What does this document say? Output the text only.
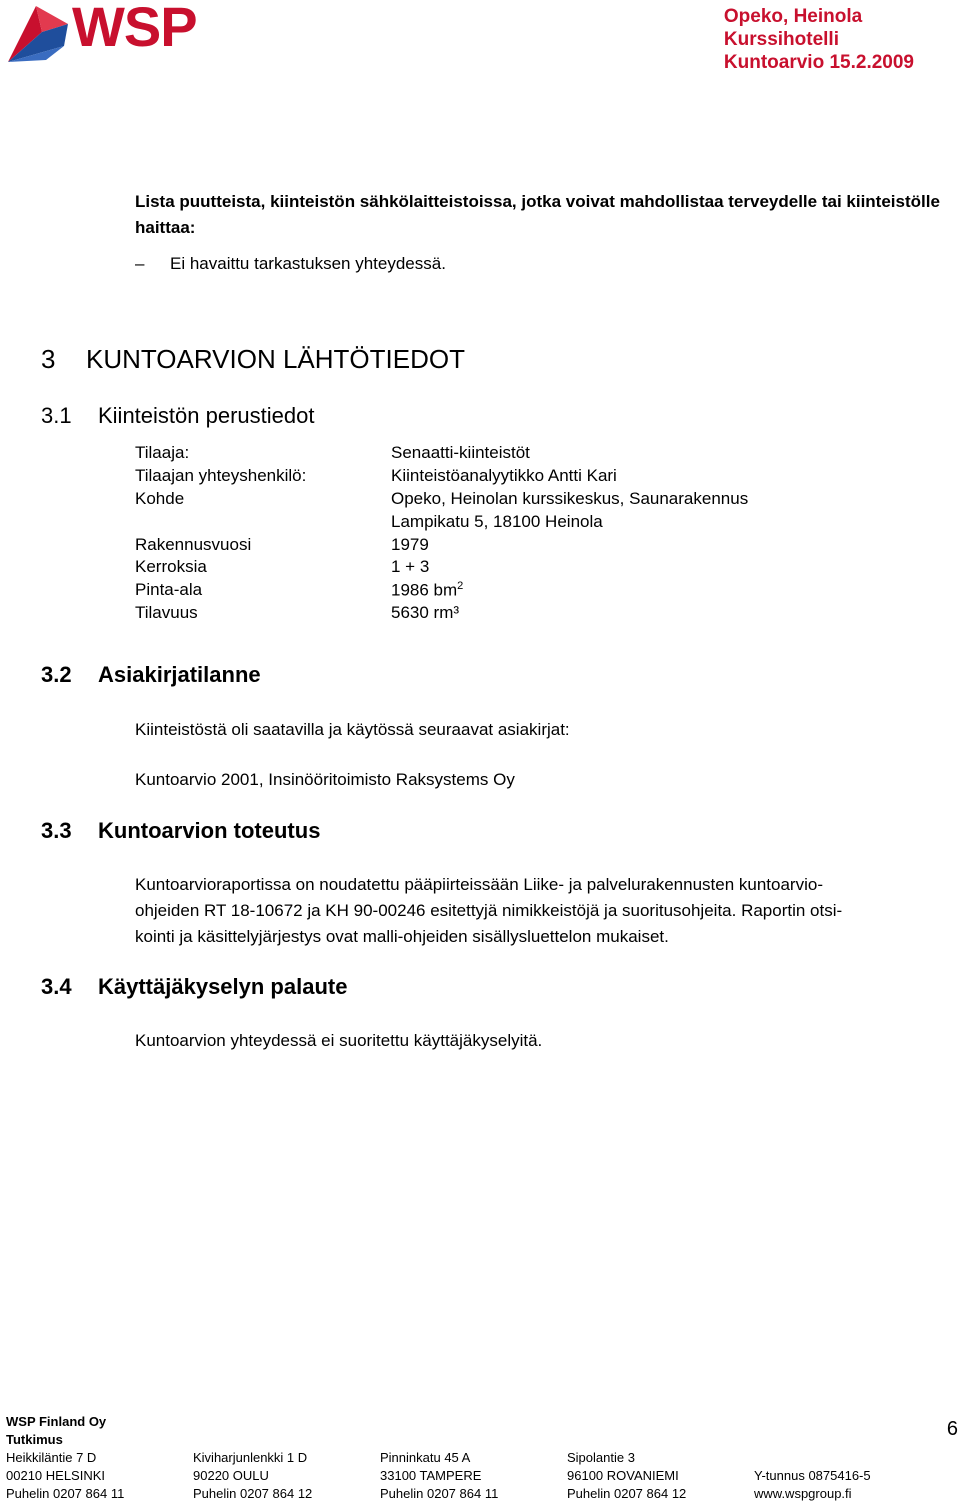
WSP	Opeko, Heinola
Kurssihotelli
Kuntoarvio 15.2.2009
Lista puutteista, kiinteistön sähkölaitteistoissa, jotka voivat mahdollistaa terveydelle tai kiinteistölle haittaa:
– Ei havaittu tarkastuksen yhteydessä.
3 KUNTOARVION LÄHTÖTIEDOT
3.1 Kiinteistön perustiedot
Tilaaja:	Senaatti-kiinteistöt
Tilaajan yhteyshenkilö:	Kiinteistöanalyytikko Antti Kari
Kohde	Opeko, Heinolan kurssikeskus, Saunarakennus
Lampikatu 5, 18100 Heinola
Rakennusvuosi	1979
Kerroksia	1 + 3
Pinta-ala	1986 $bm^2$
Tilavuus	5630 rm³
3.2 Asiakirjatilanne
Kiinteistöstä oli saatavilla ja käytössä seuraavat asiakirjat:
Kuntoarvio 2001, Insinööritoimisto Raksystems Oy
3.3 Kuntoarvion toteutus
Kuntoarvioraportissa on noudatettu pääpiirteissään Liike- ja palvelurakennusten kuntoarvio-
ohjeiden RT 18-10672 ja KH 90-00246 esitettyjä nimikkeistöjä ja suoritusohjeita. Raportin otsi-
kointi ja käsittelyjärjestys ovat malli-ohjeiden sisällysluettelon mukaiset.
3.4 Käyttäjäkyselyn palaute
Kuntoarvion yhteydessä ei suoritettu käyttäjäkyselyitä.
WSP Finland Oy
Tutkimus	6
Heikkiläntie 7 D
00210 HELSINKI
Puhelin 0207 864 11
Kiviharjunlenkki 1 D
90220 OULU
Puhelin 0207 864 12
Pinninkatu 45 A
33100 TAMPERE
Puhelin 0207 864 11
Sipolantie 3
96100 ROVANIEMI
Puhelin 0207 864 12
Y-tunnus 0875416-5
www.wspgroup.fi
